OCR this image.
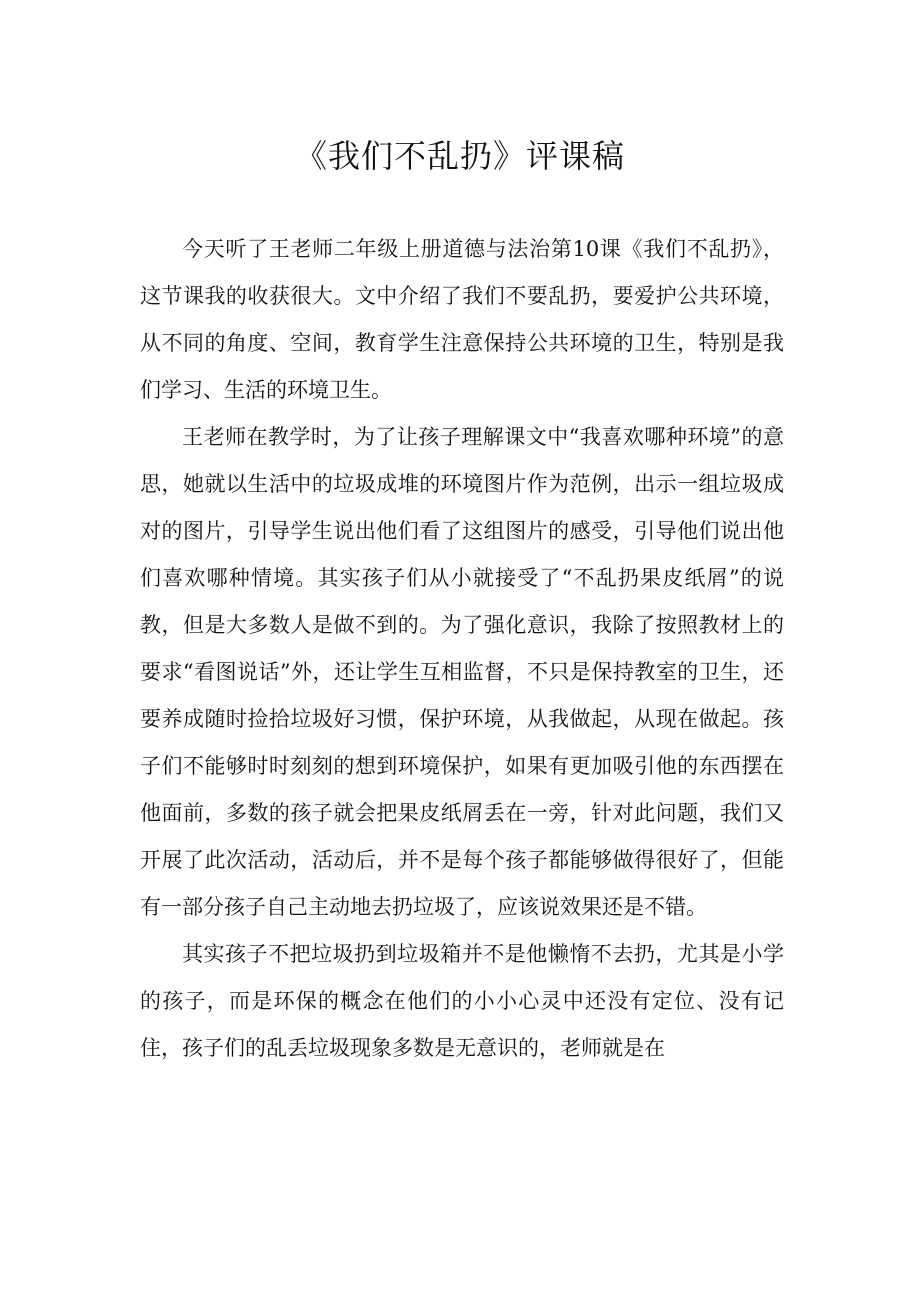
《我们不乱扔》评课稿

今天听了王老师二年级上册道德与法治第10课《我们不乱扔》，这节课我的收获很大。文中介绍了我们不要乱扔，要爱护公共环境，从不同的角度、空间，教育学生注意保持公共环境的卫生，特别是我们学习、生活的环境卫生。

王老师在教学时，为了让孩子理解课文中“我喜欢哪种环境”的意思，她就以生活中的垃圾成堆的环境图片作为范例，出示一组垃圾成对的图片，引导学生说出他们看了这组图片的感受，引导他们说出他们喜欢哪种情境。其实孩子们从小就接受了“不乱扔果皮纸屑”的说教，但是大多数人是做不到的。为了强化意识，我除了按照教材上的要求“看图说话”外，还让学生互相监督，不只是保持教室的卫生，还要养成随时捡拾垃圾好习惯，保护环境，从我做起，从现在做起。孩子们不能够时时刻刻的想到环境保护，如果有更加吸引他的东西摆在他面前，多数的孩子就会把果皮纸屑丢在一旁，针对此问题，我们又开展了此次活动，活动后，并不是每个孩子都能够做得很好了，但能有一部分孩子自己主动地去扔垃圾了，应该说效果还是不错。

其实孩子不把垃圾扔到垃圾箱并不是他懒惰不去扔，尤其是小学的孩子，而是环保的概念在他们的小小心灵中还没有定位、没有记住，孩子们的乱丢垃圾现象多数是无意识的，老师就是在
